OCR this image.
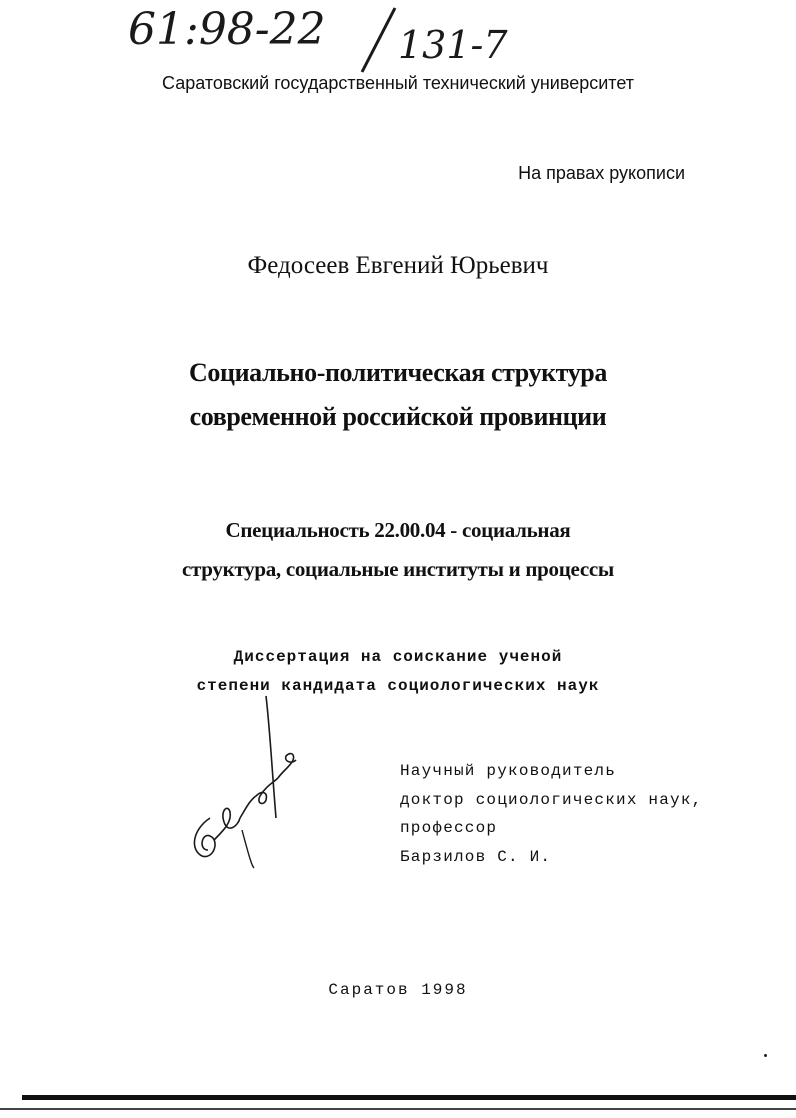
61:98-22 131-7
Саратовский государственный технический университет
На правах рукописи
Федосеев Евгений Юрьевич
Социально-политическая структура
современной российской провинции
Специальность 22.00.04 - социальная
структура, социальные институты и процессы
Диссертация на соискание ученой
степени кандидата социологических наук
Научный руководитель
доктор социологических наук,
профессор
Барзилов С. И.
Саратов 1998
